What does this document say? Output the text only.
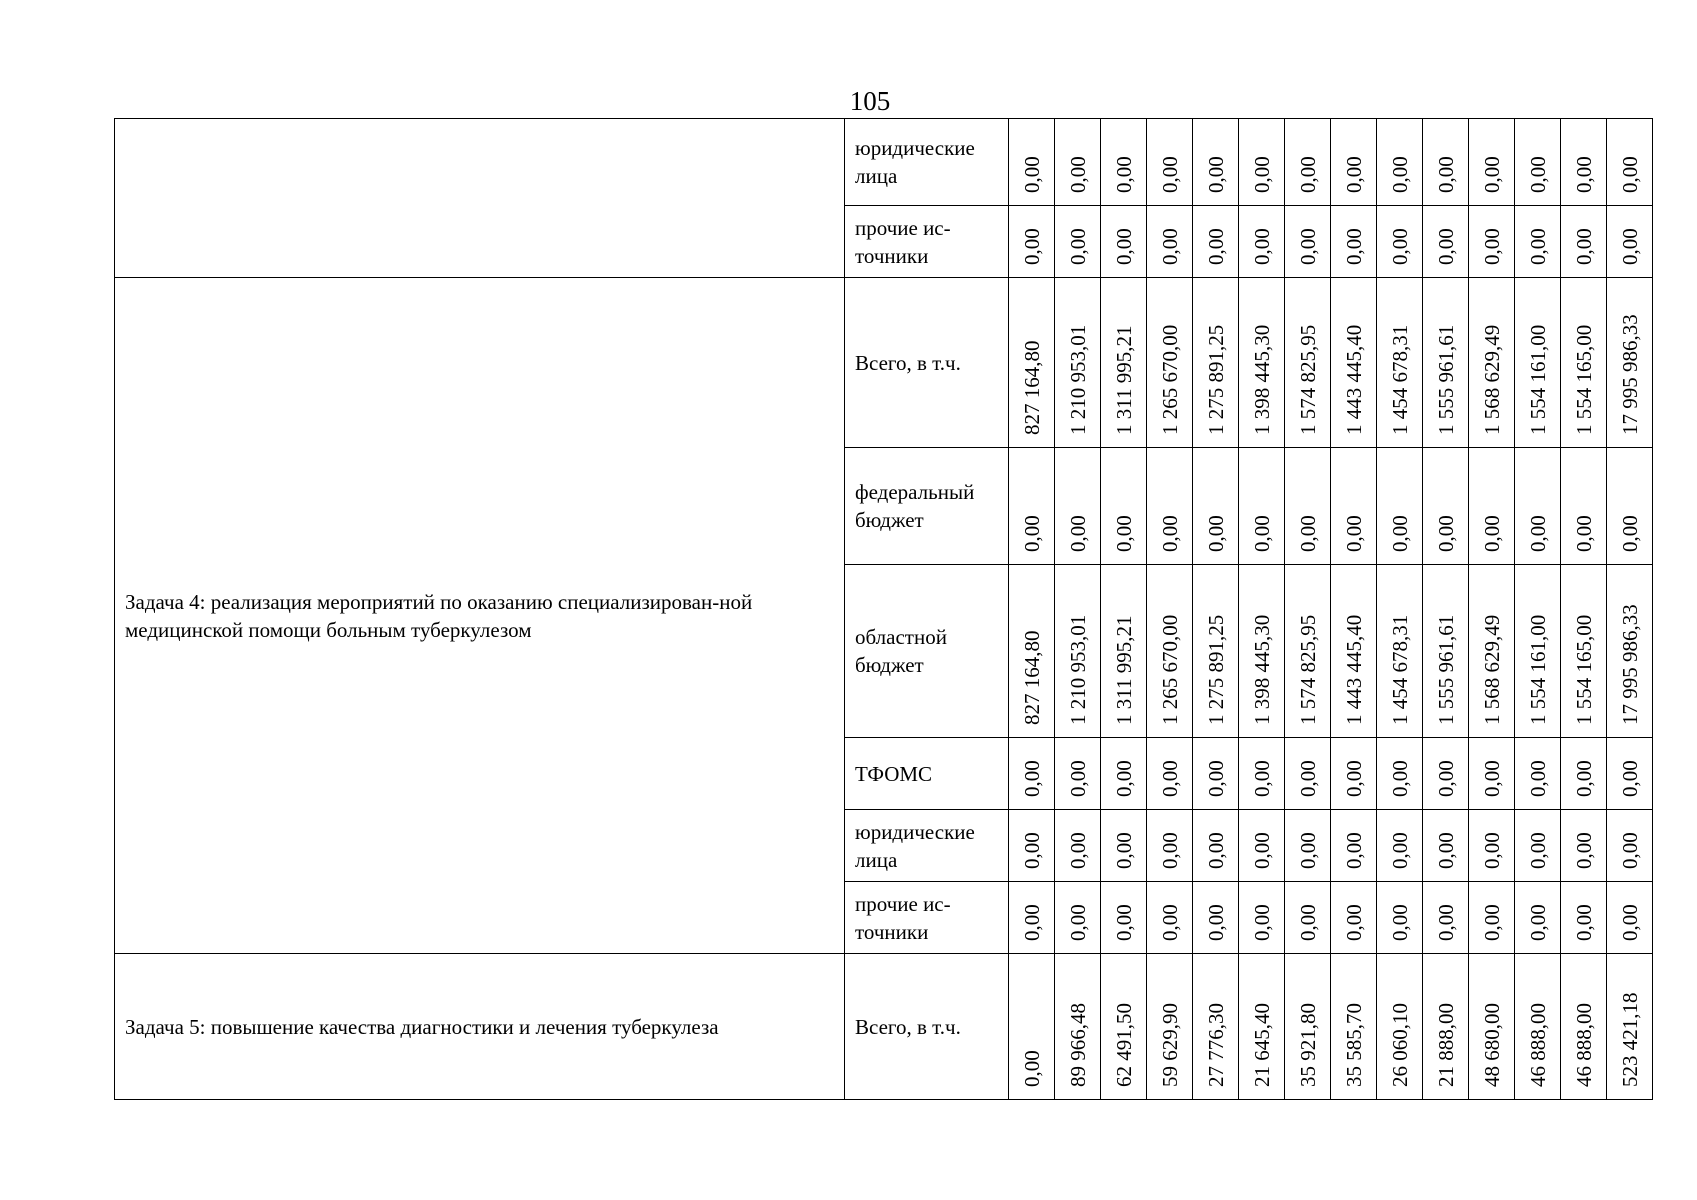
105
	юридические лица	0,00	0,00	0,00	0,00	0,00	0,00	0,00	0,00	0,00	0,00	0,00	0,00	0,00	0,00

	прочие ис-точники	0,00	0,00	0,00	0,00	0,00	0,00	0,00	0,00	0,00	0,00	0,00	0,00	0,00	0,00

Задача 4: реализация мероприятий по оказанию специализирован-ной медицинской помощи больным туберкулезом	Всего, в т.ч.	827 164,80	1 210 953,01	1 311 995,21	1 265 670,00	1 275 891,25	1 398 445,30	1 574 825,95	1 443 445,40	1 454 678,31	1 555 961,61	1 568 629,49	1 554 161,00	1 554 165,00	17 995 986,33

	федеральный бюджет	0,00	0,00	0,00	0,00	0,00	0,00	0,00	0,00	0,00	0,00	0,00	0,00	0,00	0,00

	областной бюджет	827 164,80	1 210 953,01	1 311 995,21	1 265 670,00	1 275 891,25	1 398 445,30	1 574 825,95	1 443 445,40	1 454 678,31	1 555 961,61	1 568 629,49	1 554 161,00	1 554 165,00	17 995 986,33

	ТФОМС	0,00	0,00	0,00	0,00	0,00	0,00	0,00	0,00	0,00	0,00	0,00	0,00	0,00	0,00

	юридические лица	0,00	0,00	0,00	0,00	0,00	0,00	0,00	0,00	0,00	0,00	0,00	0,00	0,00	0,00

	прочие ис-точники	0,00	0,00	0,00	0,00	0,00	0,00	0,00	0,00	0,00	0,00	0,00	0,00	0,00	0,00

Задача 5: повышение качества диагностики и лечения туберкулеза	Всего, в т.ч.	0,00	89 966,48	62 491,50	59 629,90	27 776,30	21 645,40	35 921,80	35 585,70	26 060,10	21 888,00	48 680,00	46 888,00	46 888,00	523 421,18
